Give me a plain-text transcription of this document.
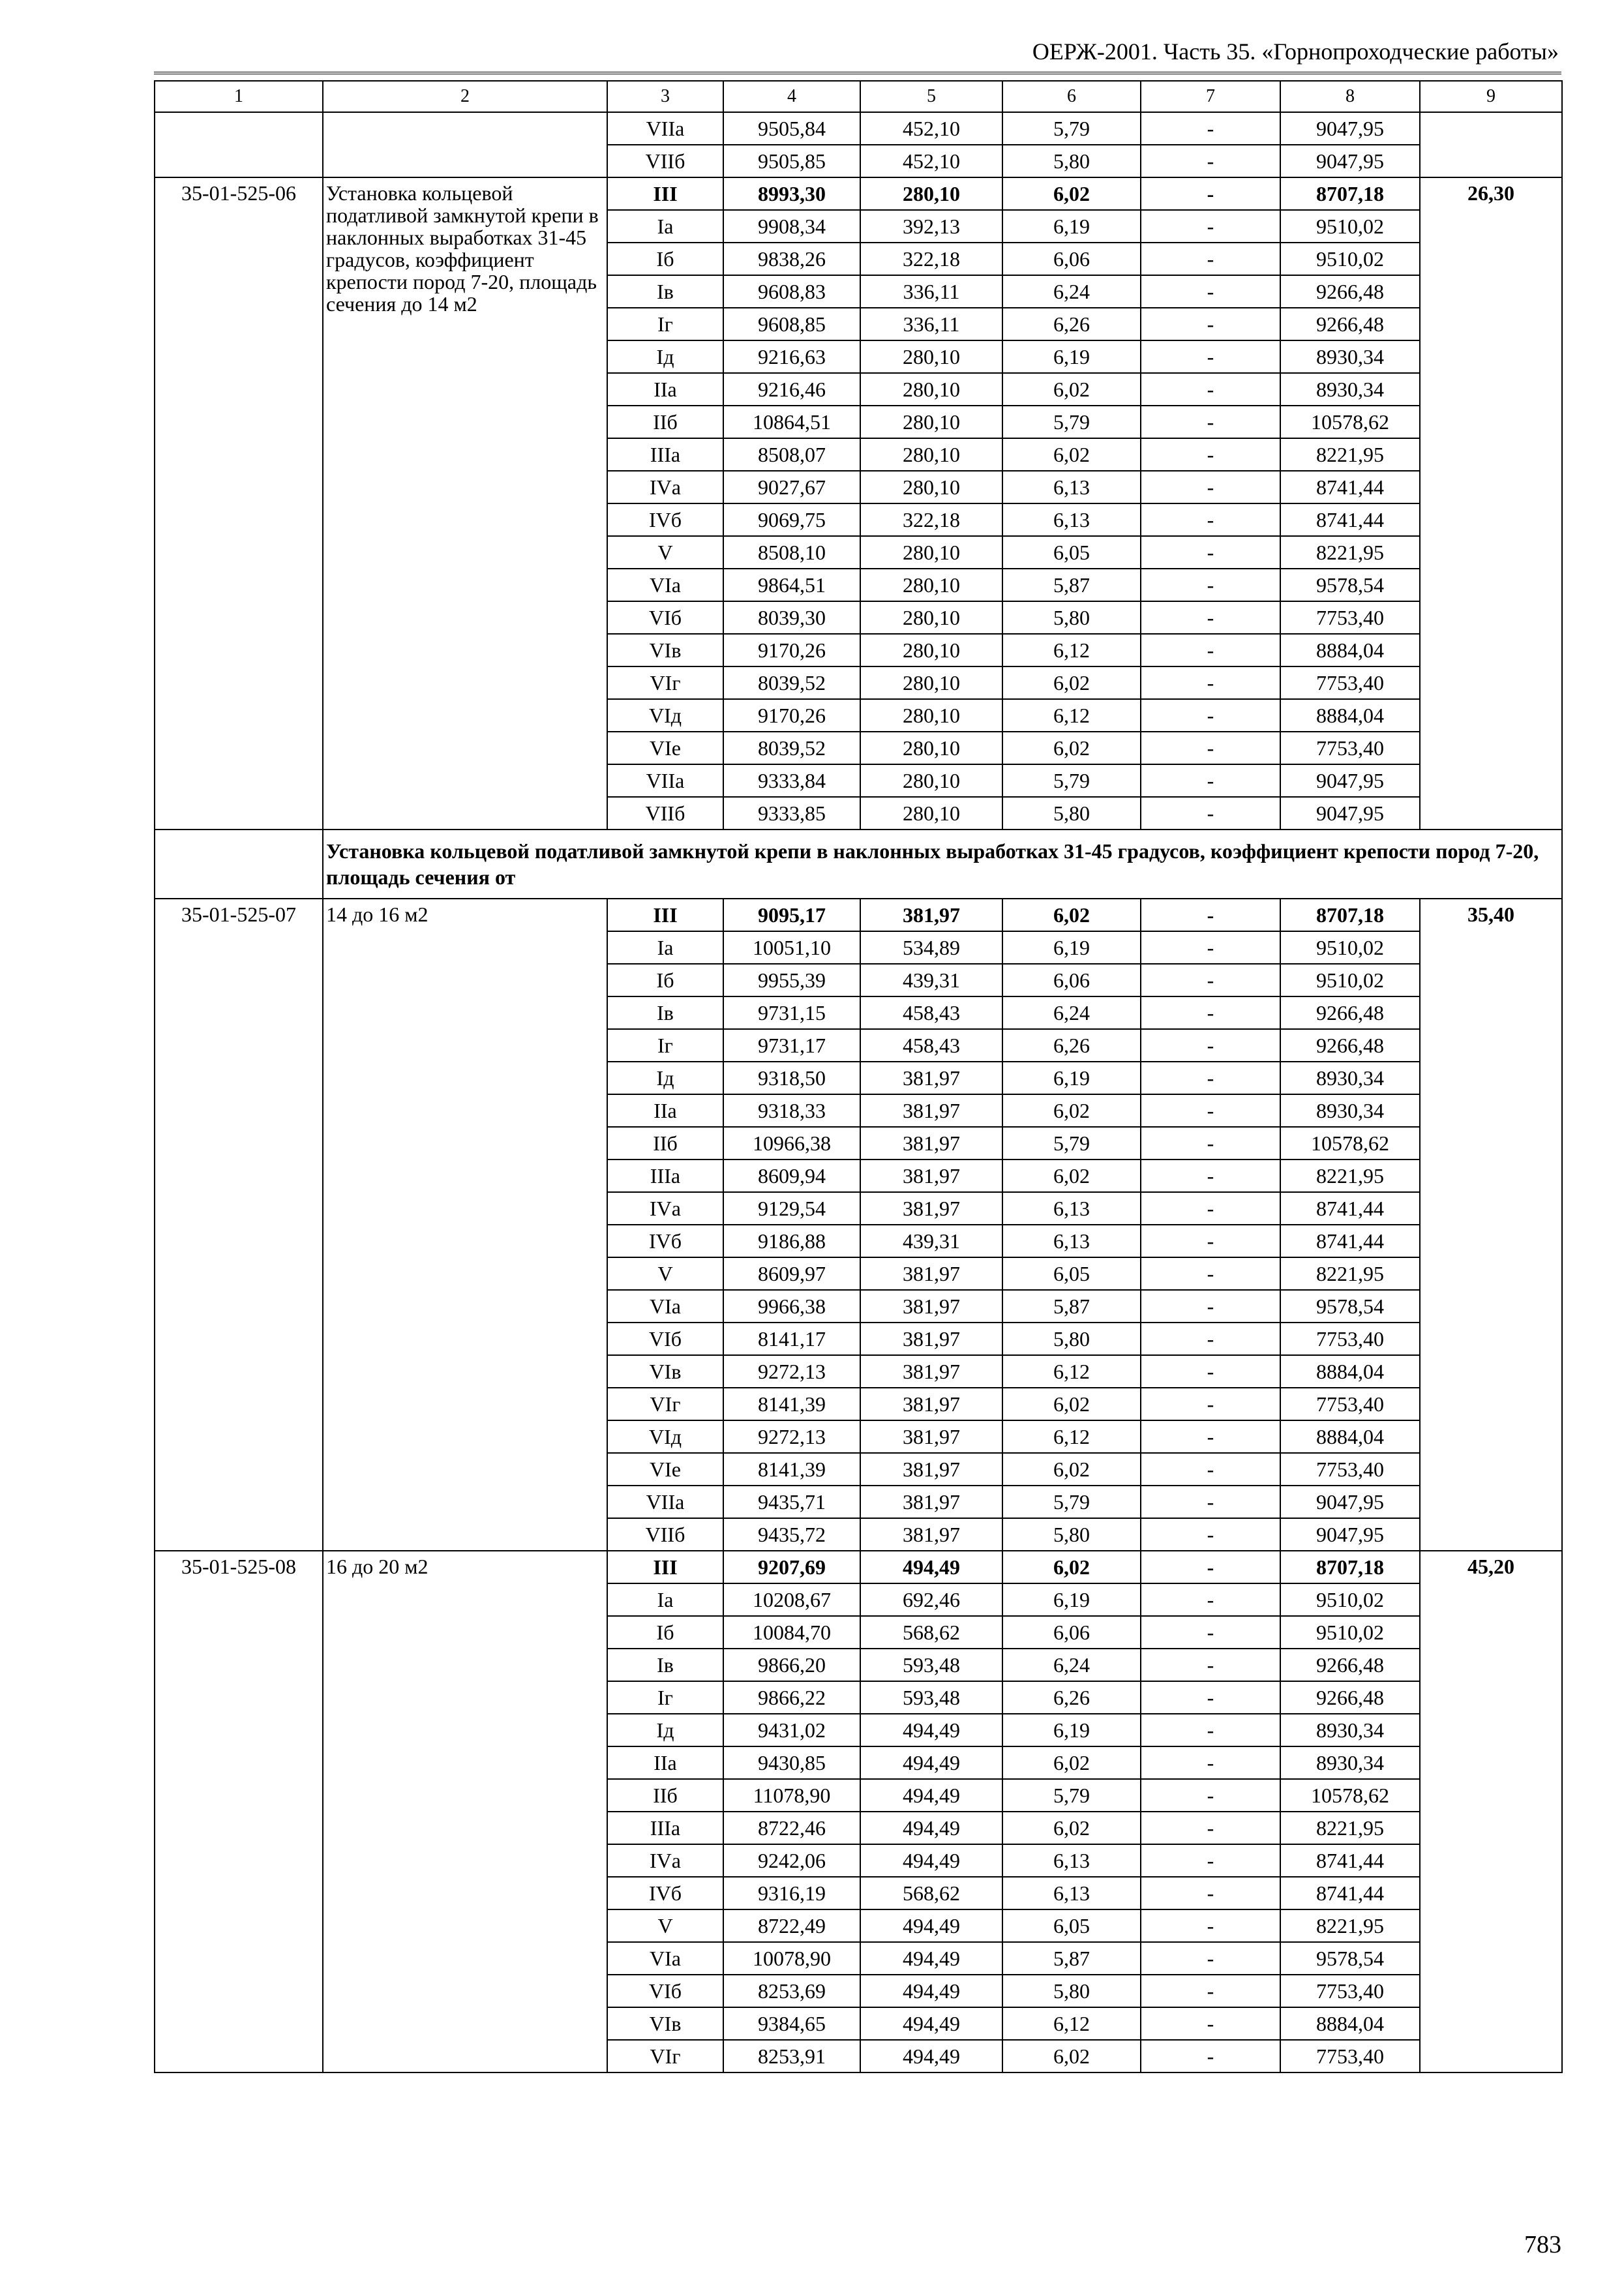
ОЕРЖ-2001. Часть 35. «Горнопроходческие работы»
1	2	3	4	5	6	7	8	9
		VIIа	9505,84	452,10	5,79	-	9047,95	
		VIIб	9505,85	452,10	5,80	-	9047,95	
35-01-525-06	Установка кольцевой податливой замкнутой крепи в наклонных выработках 31-45 градусов, коэффициент крепости пород 7-20, площадь сечения до 14 м2	III	8993,30	280,10	6,02	-	8707,18	26,30
		Iа	9908,34	392,13	6,19	-	9510,02	
		Iб	9838,26	322,18	6,06	-	9510,02	
		Iв	9608,83	336,11	6,24	-	9266,48	
		Iг	9608,85	336,11	6,26	-	9266,48	
		Iд	9216,63	280,10	6,19	-	8930,34	
		IIа	9216,46	280,10	6,02	-	8930,34	
		IIб	10864,51	280,10	5,79	-	10578,62	
		IIIа	8508,07	280,10	6,02	-	8221,95	
		IVа	9027,67	280,10	6,13	-	8741,44	
		IVб	9069,75	322,18	6,13	-	8741,44	
		V	8508,10	280,10	6,05	-	8221,95	
		VIа	9864,51	280,10	5,87	-	9578,54	
		VIб	8039,30	280,10	5,80	-	7753,40	
		VIв	9170,26	280,10	6,12	-	8884,04	
		VIг	8039,52	280,10	6,02	-	7753,40	
		VIд	9170,26	280,10	6,12	-	8884,04	
		VIе	8039,52	280,10	6,02	-	7753,40	
		VIIа	9333,84	280,10	5,79	-	9047,95	
		VIIб	9333,85	280,10	5,80	-	9047,95	
	Установка кольцевой податливой замкнутой крепи в наклонных выработках 31-45 градусов, коэффициент крепости пород 7-20, площадь сечения от							
35-01-525-07	14 до 16 м2	III	9095,17	381,97	6,02	-	8707,18	35,40
		Iа	10051,10	534,89	6,19	-	9510,02	
		Iб	9955,39	439,31	6,06	-	9510,02	
		Iв	9731,15	458,43	6,24	-	9266,48	
		Iг	9731,17	458,43	6,26	-	9266,48	
		Iд	9318,50	381,97	6,19	-	8930,34	
		IIа	9318,33	381,97	6,02	-	8930,34	
		IIб	10966,38	381,97	5,79	-	10578,62	
		IIIа	8609,94	381,97	6,02	-	8221,95	
		IVа	9129,54	381,97	6,13	-	8741,44	
		IVб	9186,88	439,31	6,13	-	8741,44	
		V	8609,97	381,97	6,05	-	8221,95	
		VIа	9966,38	381,97	5,87	-	9578,54	
		VIб	8141,17	381,97	5,80	-	7753,40	
		VIв	9272,13	381,97	6,12	-	8884,04	
		VIг	8141,39	381,97	6,02	-	7753,40	
		VIд	9272,13	381,97	6,12	-	8884,04	
		VIе	8141,39	381,97	6,02	-	7753,40	
		VIIа	9435,71	381,97	5,79	-	9047,95	
		VIIб	9435,72	381,97	5,80	-	9047,95	
35-01-525-08	16 до 20 м2	III	9207,69	494,49	6,02	-	8707,18	45,20
		Iа	10208,67	692,46	6,19	-	9510,02	
		Iб	10084,70	568,62	6,06	-	9510,02	
		Iв	9866,20	593,48	6,24	-	9266,48	
		Iг	9866,22	593,48	6,26	-	9266,48	
		Iд	9431,02	494,49	6,19	-	8930,34	
		IIа	9430,85	494,49	6,02	-	8930,34	
		IIб	11078,90	494,49	5,79	-	10578,62	
		IIIа	8722,46	494,49	6,02	-	8221,95	
		IVа	9242,06	494,49	6,13	-	8741,44	
		IVб	9316,19	568,62	6,13	-	8741,44	
		V	8722,49	494,49	6,05	-	8221,95	
		VIа	10078,90	494,49	5,87	-	9578,54	
		VIб	8253,69	494,49	5,80	-	7753,40	
		VIв	9384,65	494,49	6,12	-	8884,04	
		VIг	8253,91	494,49	6,02	-	7753,40	
783
